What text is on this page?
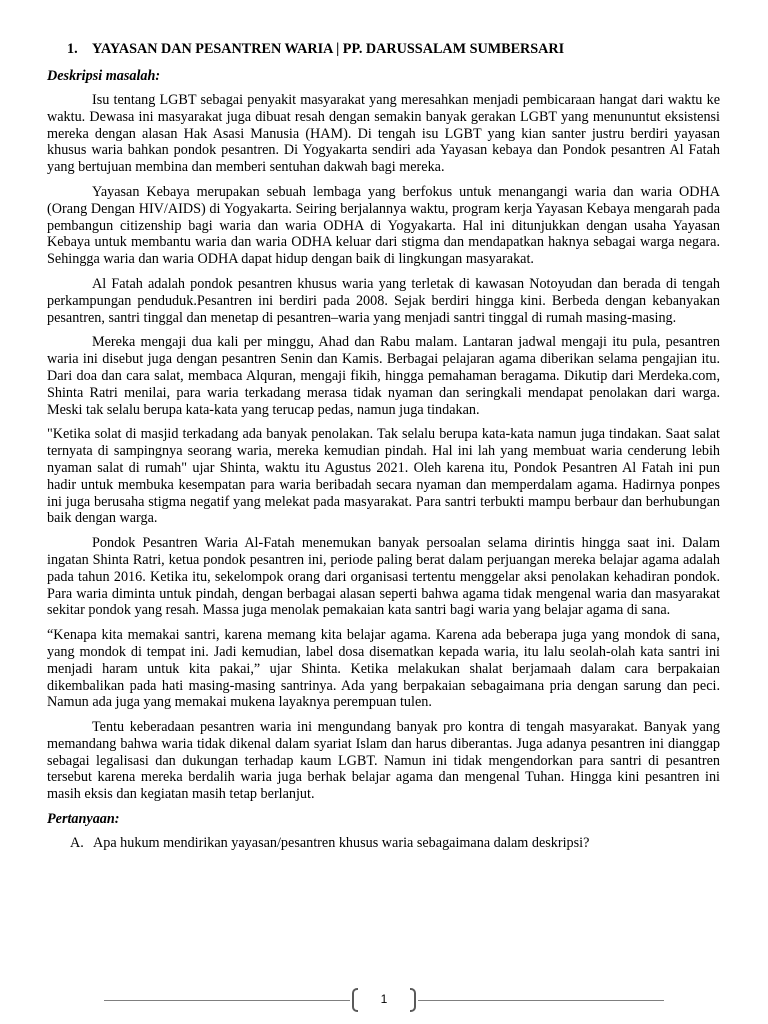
1. YAYASAN DAN PESANTREN WARIA | PP. DARUSSALAM SUMBERSARI
Deskripsi masalah:

Isu tentang LGBT sebagai penyakit masyarakat yang meresahkan menjadi pembicaraan hangat dari waktu ke waktu. Dewasa ini masyarakat juga dibuat resah dengan semakin banyak gerakan LGBT yang menununtut eksistensi mereka dengan alasan Hak Asasi Manusia (HAM). Di tengah isu LGBT yang kian santer justru berdiri yayasan khusus waria bahkan pondok pesantren. Di Yogyakarta sendiri ada Yayasan kebaya dan Pondok pesantren Al Fatah yang bertujuan membina dan memberi sentuhan dakwah bagi mereka.

Yayasan Kebaya merupakan sebuah lembaga yang berfokus untuk menangangi waria dan waria ODHA (Orang Dengan HIV/AIDS) di Yogyakarta. Seiring berjalannya waktu, program kerja Yayasan Kebaya mengarah pada pembangun citizenship bagi waria dan waria ODHA di Yogyakarta. Hal ini ditunjukkan dengan usaha Yayasan Kebaya untuk membantu waria dan waria ODHA keluar dari stigma dan mendapatkan haknya sebagai warga negara. Sehingga waria dan waria ODHA dapat hidup dengan baik di lingkungan masyarakat.

Al Fatah adalah pondok pesantren khusus waria yang terletak di kawasan Notoyudan dan berada di tengah perkampungan penduduk.Pesantren ini berdiri pada 2008. Sejak berdiri hingga kini. Berbeda dengan kebanyakan pesantren, santri tinggal dan menetap di pesantren–waria yang menjadi santri tinggal di rumah masing-masing.

Mereka mengaji dua kali per minggu, Ahad dan Rabu malam. Lantaran jadwal mengaji itu pula, pesantren waria ini disebut juga dengan pesantren Senin dan Kamis. Berbagai pelajaran agama diberikan selama pengajian itu. Dari doa dan cara salat, membaca Alquran, mengaji fikih, hingga pemahaman beragama. Dikutip dari Merdeka.com, Shinta Ratri menilai, para waria terkadang merasa tidak nyaman dan seringkali mendapat penolakan dari warga. Meski tak selalu berupa kata-kata yang terucap pedas, namun juga tindakan.

"Ketika solat di masjid terkadang ada banyak penolakan. Tak selalu berupa kata-kata namun juga tindakan. Saat salat ternyata di sampingnya seorang waria, mereka kemudian pindah. Hal ini lah yang membuat waria cenderung lebih nyaman salat di rumah" ujar Shinta, waktu itu Agustus 2021. Oleh karena itu, Pondok Pesantren Al Fatah ini pun hadir untuk membuka kesempatan para waria beribadah secara nyaman dan memperdalam agama. Hadirnya ponpes ini juga berusaha stigma negatif yang melekat pada masyarakat. Para santri terbukti mampu berbaur dan berhubungan baik dengan warga.

Pondok Pesantren Waria Al-Fatah menemukan banyak persoalan selama dirintis hingga saat ini. Dalam ingatan Shinta Ratri, ketua pondok pesantren ini, periode paling berat dalam perjuangan mereka belajar agama adalah pada tahun 2016. Ketika itu, sekelompok orang dari organisasi tertentu menggelar aksi penolakan kehadiran pondok. Para waria diminta untuk pindah, dengan berbagai alasan seperti bahwa agama tidak mengenal waria dan masyarakat sekitar pondok yang resah. Massa juga menolak pemakaian kata santri bagi waria yang belajar agama di sana.

“Kenapa kita memakai santri, karena memang kita belajar agama. Karena ada beberapa juga yang mondok di sana, yang mondok di tempat ini. Jadi kemudian, label dosa disematkan kepada waria, itu lalu seolah-olah kata santri ini menjadi haram untuk kita pakai,” ujar Shinta. Ketika melakukan shalat berjamaah dalam cara berpakaian dikembalikan pada hati masing-masing santrinya. Ada yang berpakaian sebagaimana pria dengan sarung dan peci. Namun ada juga yang memakai mukena layaknya perempuan tulen.

Tentu keberadaan pesantren waria ini mengundang banyak pro kontra di tengah masyarakat. Banyak yang memandang bahwa waria tidak dikenal dalam syariat Islam dan harus diberantas. Juga adanya pesantren ini dianggap sebagai legalisasi dan dukungan terhadap kaum LGBT. Namun ini tidak mengendorkan para santri di pesantren tersebut karena mereka berdalih waria juga berhak belajar agama dan mengenal Tuhan. Hingga kini pesantren ini masih eksis dan kegiatan masih tetap berlanjut.

Pertanyaan:
A. Apa hukum mendirikan yayasan/pesantren khusus waria sebagaimana dalam deskripsi?
1
